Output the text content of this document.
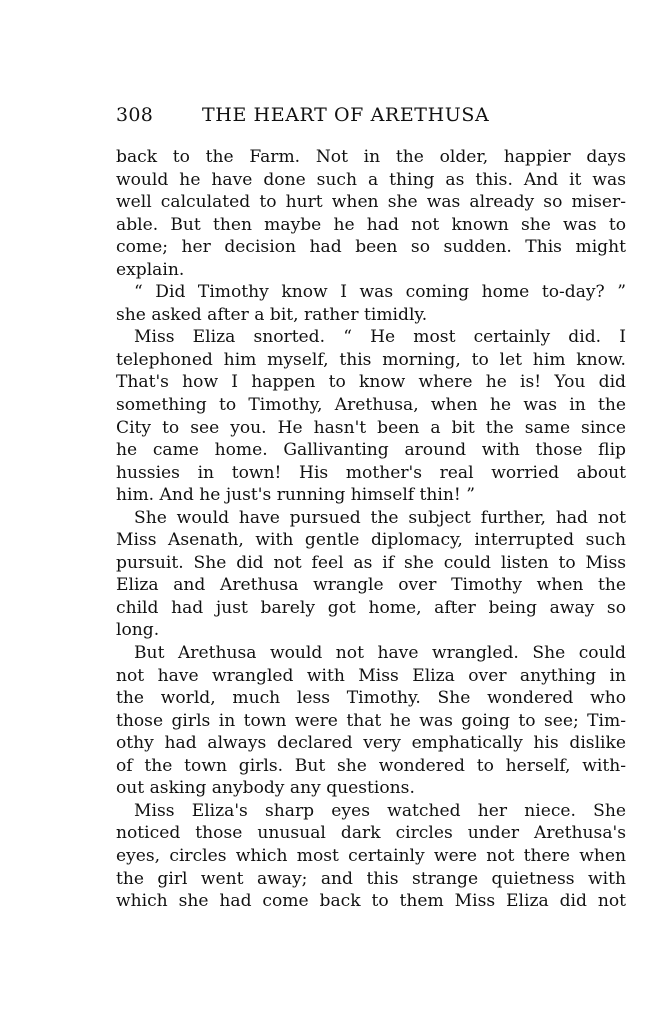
308	THE HEART OF ARETHUSA
back to the Farm. Not in the older, happier days
would he have done such a thing as this. And it was
well calculated to hurt when she was already so miser-
able. But then maybe he had not known she was to
come; her decision had been so sudden. This might
explain.
“ Did Timothy know I was coming home to-day? ”
she asked after a bit, rather timidly.
Miss Eliza snorted. “ He most certainly did. I
telephoned him myself, this morning, to let him know.
That's how I happen to know where he is! You did
something to Timothy, Arethusa, when he was in the
City to see you. He hasn't been a bit the same since
he came home. Gallivanting around with those flip
hussies in town! His mother's real worried about
him. And he just's running himself thin! ”
She would have pursued the subject further, had not
Miss Asenath, with gentle diplomacy, interrupted such
pursuit. She did not feel as if she could listen to Miss
Eliza and Arethusa wrangle over Timothy when the
child had just barely got home, after being away so
long.
But Arethusa would not have wrangled. She could
not have wrangled with Miss Eliza over anything in
the world, much less Timothy. She wondered who
those girls in town were that he was going to see; Tim-
othy had always declared very emphatically his dislike
of the town girls. But she wondered to herself, with-
out asking anybody any questions.
Miss Eliza's sharp eyes watched her niece. She
noticed those unusual dark circles under Arethusa's
eyes, circles which most certainly were not there when
the girl went away; and this strange quietness with
which she had come back to them Miss Eliza did not
